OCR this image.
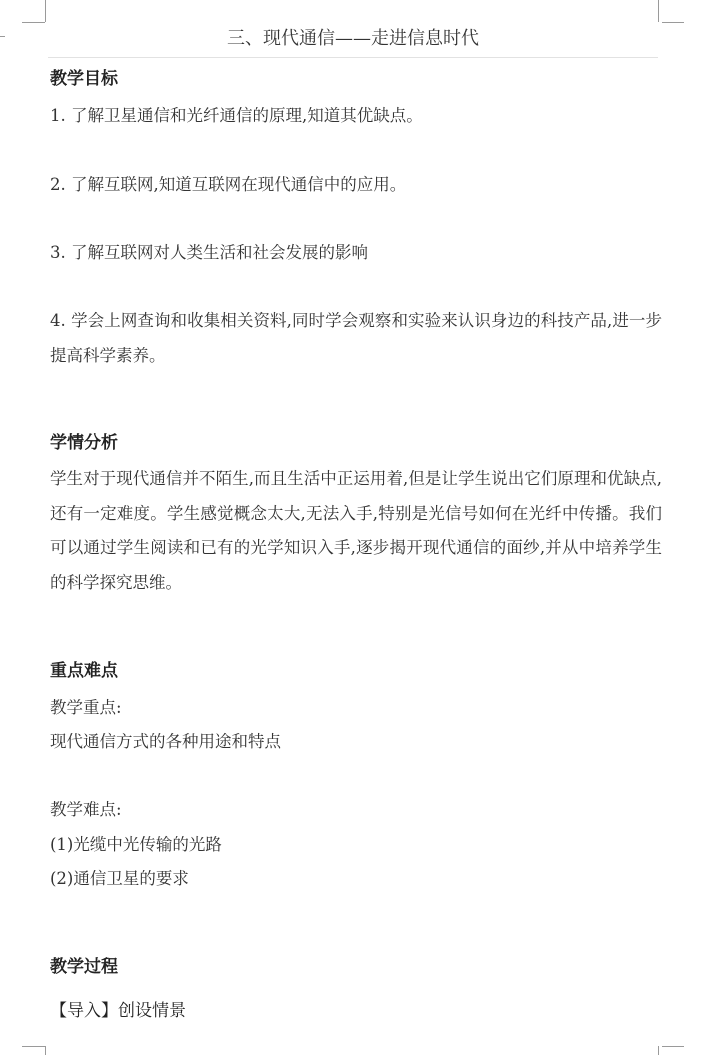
三、现代通信——走进信息时代
教学目标
1. 了解卫星通信和光纤通信的原理,知道其优缺点。
2. 了解互联网,知道互联网在现代通信中的应用。
3. 了解互联网对人类生活和社会发展的影响
4. 学会上网查询和收集相关资料,同时学会观察和实验来认识身边的科技产品,进一步提高科学素养。
学情分析
学生对于现代通信并不陌生,而且生活中正运用着,但是让学生说出它们原理和优缺点,还有一定难度。学生感觉概念太大,无法入手,特别是光信号如何在光纤中传播。我们可以通过学生阅读和已有的光学知识入手,逐步揭开现代通信的面纱,并从中培养学生的科学探究思维。
重点难点
教学重点:
现代通信方式的各种用途和特点
教学难点:
(1)光缆中光传输的光路
(2)通信卫星的要求
教学过程
【导入】创设情景
